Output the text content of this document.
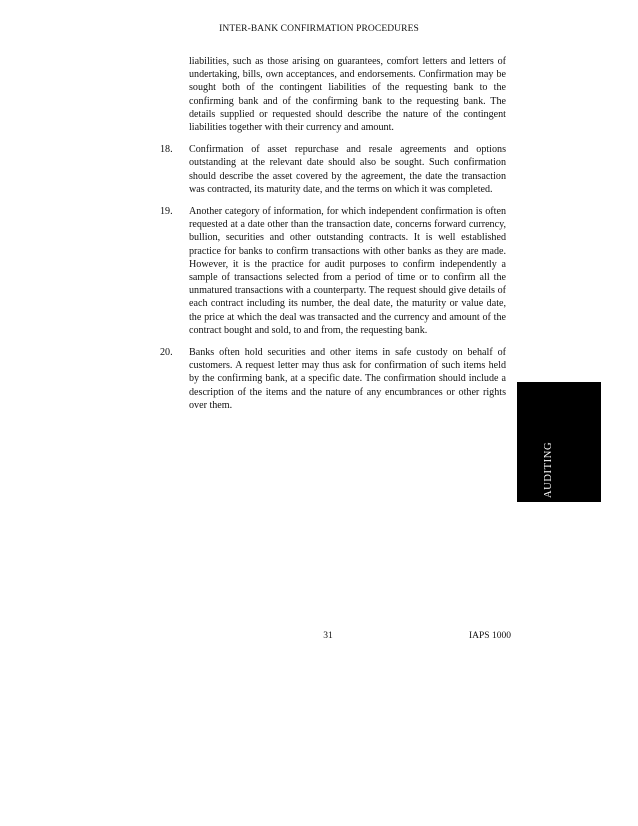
INTER-BANK CONFIRMATION PROCEDURES
liabilities, such as those arising on guarantees, comfort letters and letters of undertaking, bills, own acceptances, and endorsements. Confirmation may be sought both of the contingent liabilities of the requesting bank to the confirming bank and of the confirming bank to the requesting bank. The details supplied or requested should describe the nature of the contingent liabilities together with their currency and amount.
18. Confirmation of asset repurchase and resale agreements and options outstanding at the relevant date should also be sought. Such confirmation should describe the asset covered by the agreement, the date the transaction was contracted, its maturity date, and the terms on which it was completed.
19. Another category of information, for which independent confirmation is often requested at a date other than the transaction date, concerns forward currency, bullion, securities and other outstanding contracts. It is well established practice for banks to confirm transactions with other banks as they are made. However, it is the practice for audit purposes to confirm independently a sample of transactions selected from a period of time or to confirm all the unmatured transactions with a counterparty. The request should give details of each contract including its number, the deal date, the maturity or value date, the price at which the deal was transacted and the currency and amount of the contract bought and sold, to and from, the requesting bank.
20. Banks often hold securities and other items in safe custody on behalf of customers. A request letter may thus ask for confirmation of such items held by the confirming bank, at a specific date. The confirmation should include a description of the items and the nature of any encumbrances or other rights over them.
AUDITING
31	IAPS 1000
